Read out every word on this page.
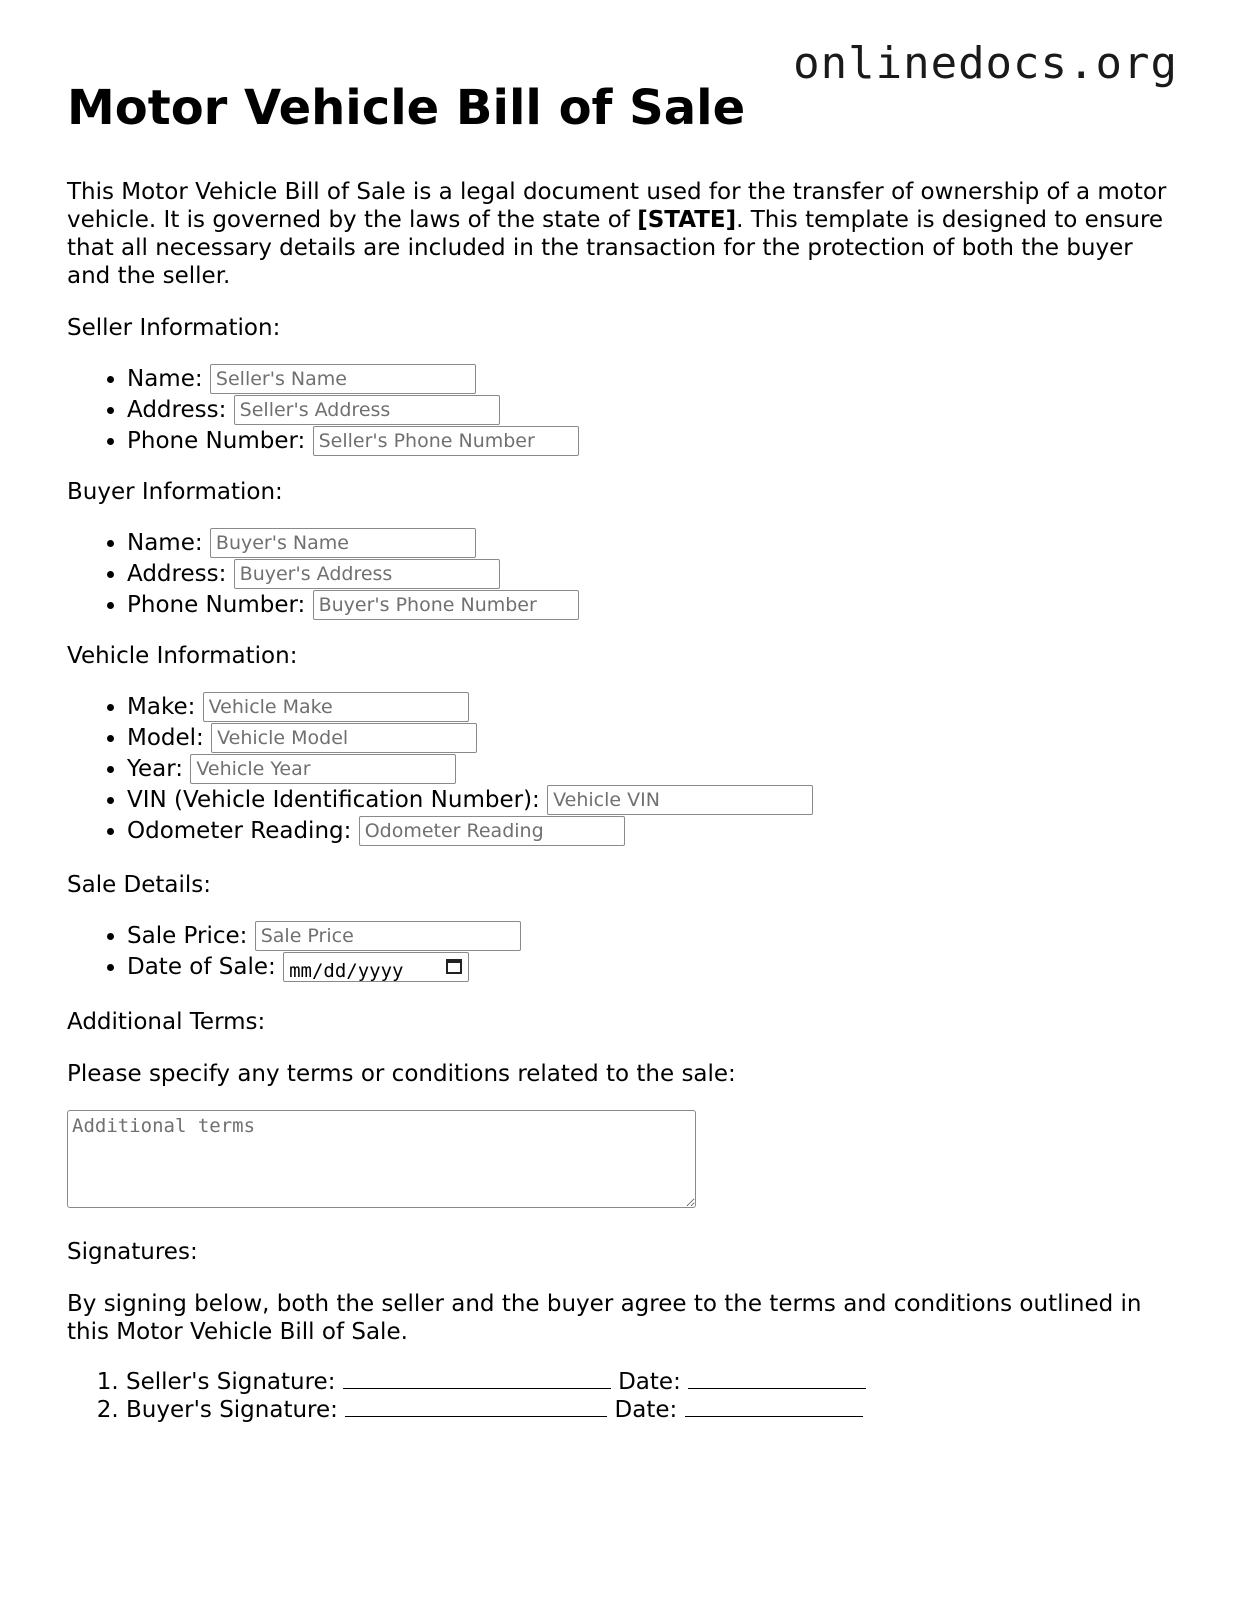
onlinedocs.org
Motor Vehicle Bill of Sale

This Motor Vehicle Bill of Sale is a legal document used for the transfer of ownership of a motor vehicle. It is governed by the laws of the state of [STATE]. This template is designed to ensure that all necessary details are included in the transaction for the protection of both the buyer and the seller.

Seller Information:

• Name: Seller's Name
• Address: Seller's Address
• Phone Number: Seller's Phone Number

Buyer Information:

• Name: Buyer's Name
• Address: Buyer's Address
• Phone Number: Buyer's Phone Number

Vehicle Information:

• Make: Vehicle Make
• Model: Vehicle Model
• Year: Vehicle Year
• VIN (Vehicle Identification Number): Vehicle VIN
• Odometer Reading: Odometer Reading

Sale Details:

• Sale Price: Sale Price
• Date of Sale: mm/dd/yyyy

Additional Terms:

Please specify any terms or conditions related to the sale:

Additional terms

Signatures:

By signing below, both the seller and the buyer agree to the terms and conditions outlined in this Motor Vehicle Bill of Sale.

1. Seller's Signature:	Date:
2. Buyer's Signature:	Date:
